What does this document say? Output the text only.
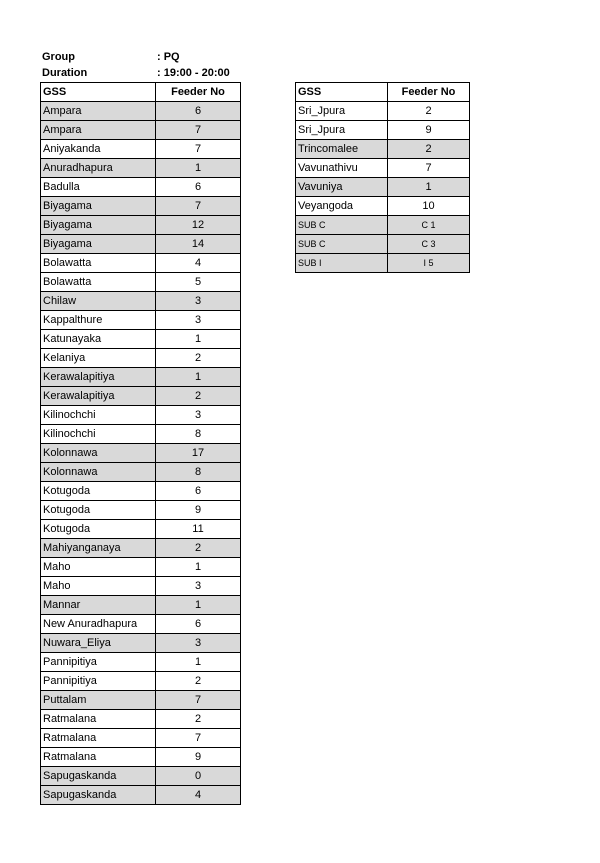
Group	: PQ
Duration	: 19:00 - 20:00
GSS	Feeder No
Ampara	6
Ampara	7
Aniyakanda	7
Anuradhapura	1
Badulla	6
Biyagama	7
Biyagama	12
Biyagama	14
Bolawatta	4
Bolawatta	5
Chilaw	3
Kappalthure	3
Katunayaka	1
Kelaniya	2
Kerawalapitiya	1
Kerawalapitiya	2
Kilinochchi	3
Kilinochchi	8
Kolonnawa	17
Kolonnawa	8
Kotugoda	6
Kotugoda	9
Kotugoda	11
Mahiyanganaya	2
Maho	1
Maho	3
Mannar	1
New Anuradhapura	6
Nuwara_Eliya	3
Pannipitiya	1
Pannipitiya	2
Puttalam	7
Ratmalana	2
Ratmalana	7
Ratmalana	9
Sapugaskanda	0
Sapugaskanda	4
GSS	Feeder No
Sri_Jpura	2
Sri_Jpura	9
Trincomalee	2
Vavunathivu	7
Vavuniya	1
Veyangoda	10
SUB C	C 1
SUB C	C 3
SUB I	I 5
